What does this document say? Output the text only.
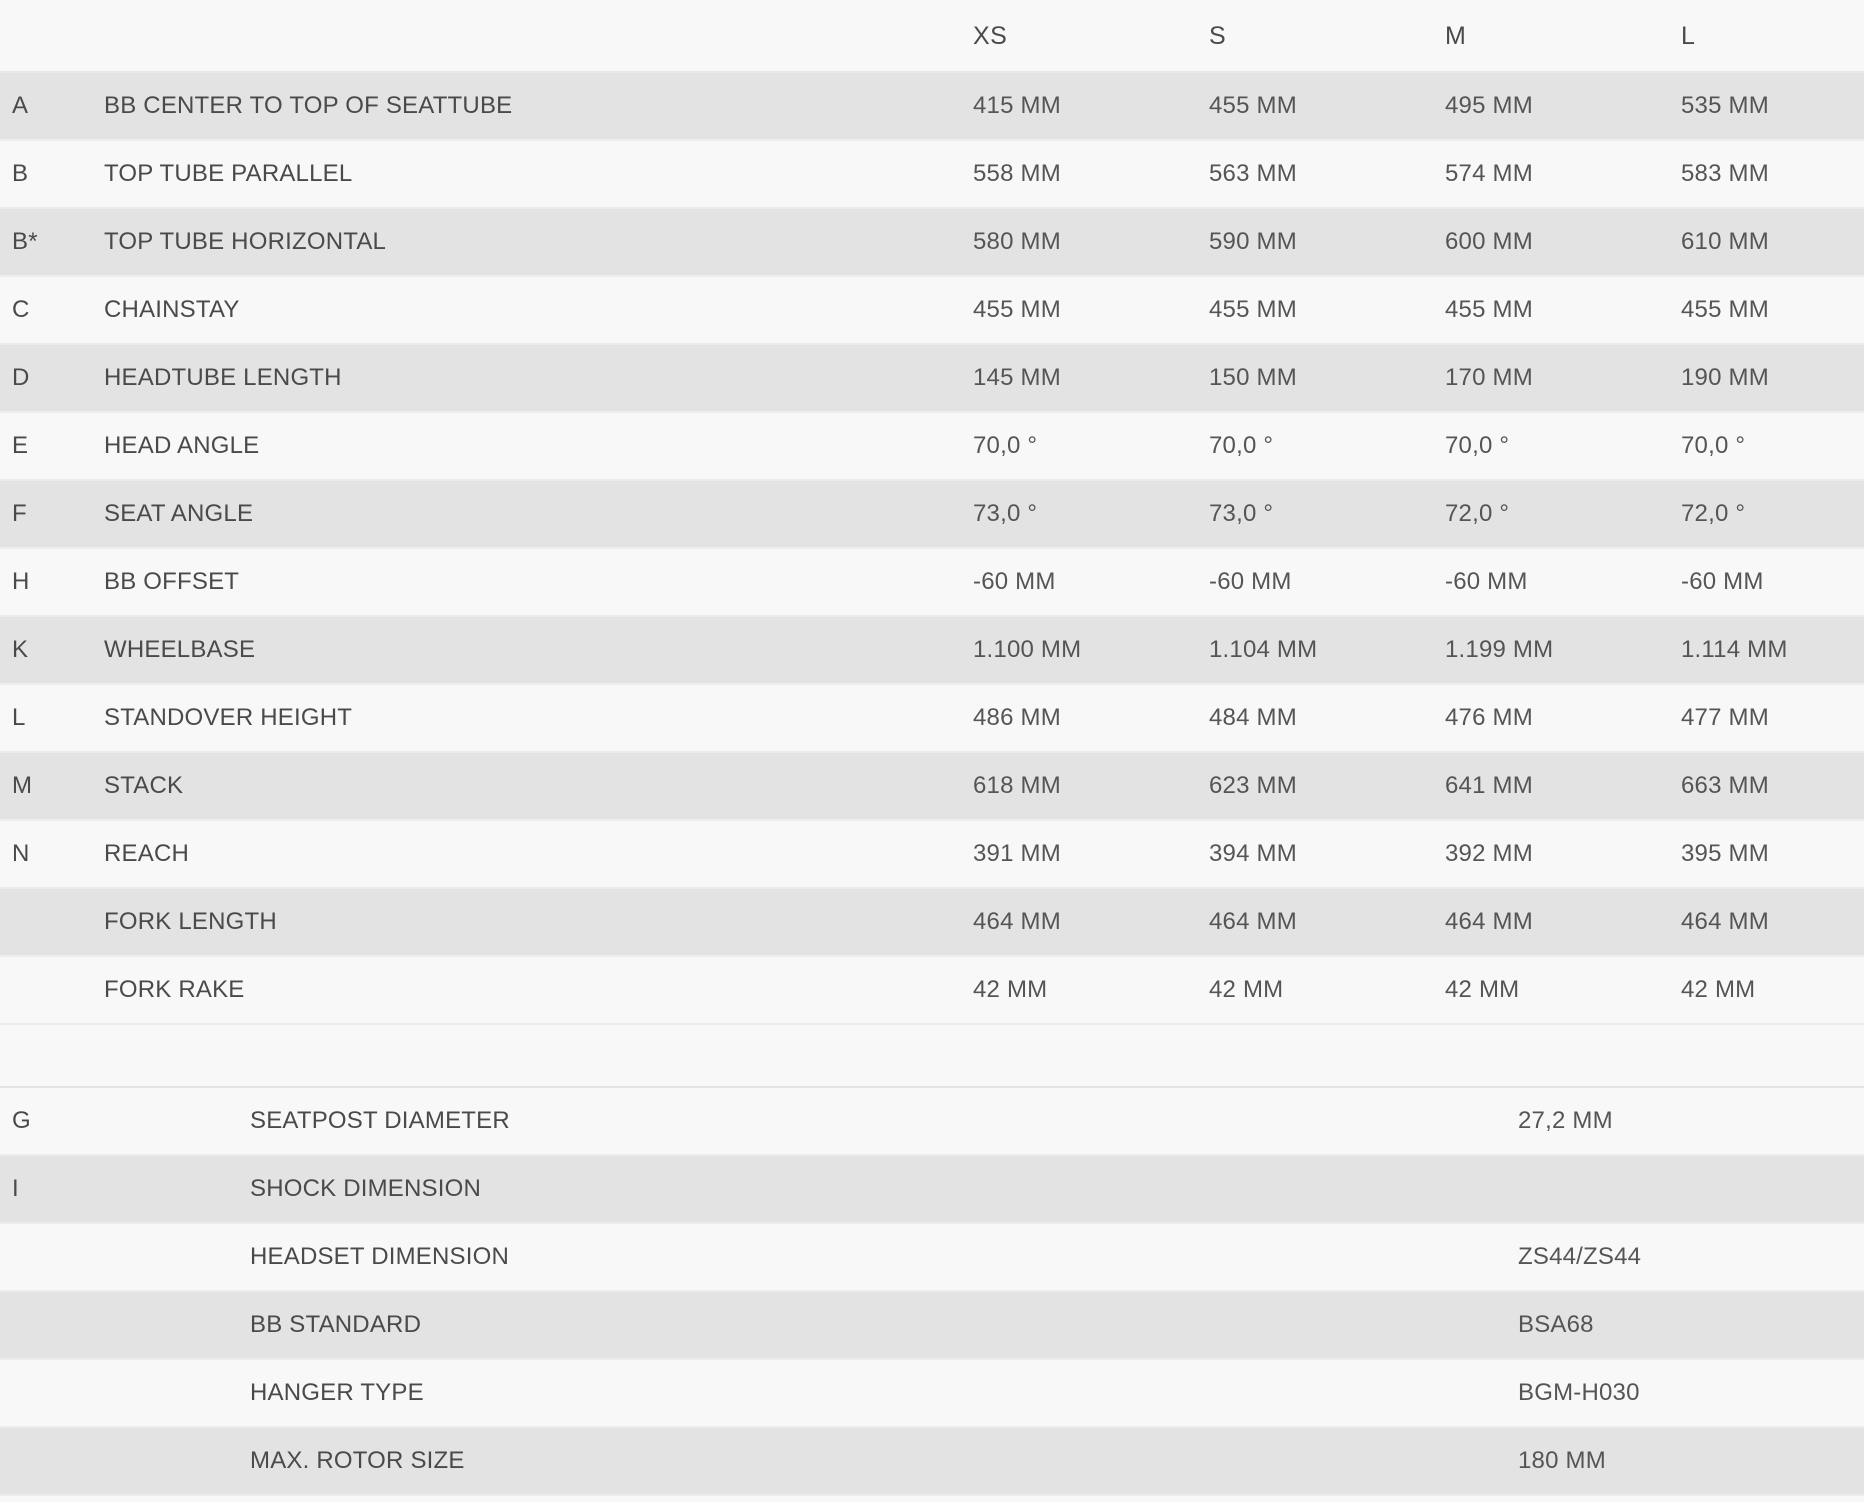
XS	S	M	L
A	BB CENTER TO TOP OF SEATTUBE	415 MM	455 MM	495 MM	535 MM
B	TOP TUBE PARALLEL	558 MM	563 MM	574 MM	583 MM
B*	TOP TUBE HORIZONTAL	580 MM	590 MM	600 MM	610 MM
C	CHAINSTAY	455 MM	455 MM	455 MM	455 MM
D	HEADTUBE LENGTH	145 MM	150 MM	170 MM	190 MM
E	HEAD ANGLE	70,0 °	70,0 °	70,0 °	70,0 °
F	SEAT ANGLE	73,0 °	73,0 °	72,0 °	72,0 °
H	BB OFFSET	-60 MM	-60 MM	-60 MM	-60 MM
K	WHEELBASE	1.100 MM	1.104 MM	1.199 MM	1.114 MM
L	STANDOVER HEIGHT	486 MM	484 MM	476 MM	477 MM
M	STACK	618 MM	623 MM	641 MM	663 MM
N	REACH	391 MM	394 MM	392 MM	395 MM
FORK LENGTH	464 MM	464 MM	464 MM	464 MM
FORK RAKE	42 MM	42 MM	42 MM	42 MM
G	SEATPOST DIAMETER	27,2 MM
I	SHOCK DIMENSION
HEADSET DIMENSION	ZS44/ZS44
BB STANDARD	BSA68
HANGER TYPE	BGM-H030
MAX. ROTOR SIZE	180 MM
